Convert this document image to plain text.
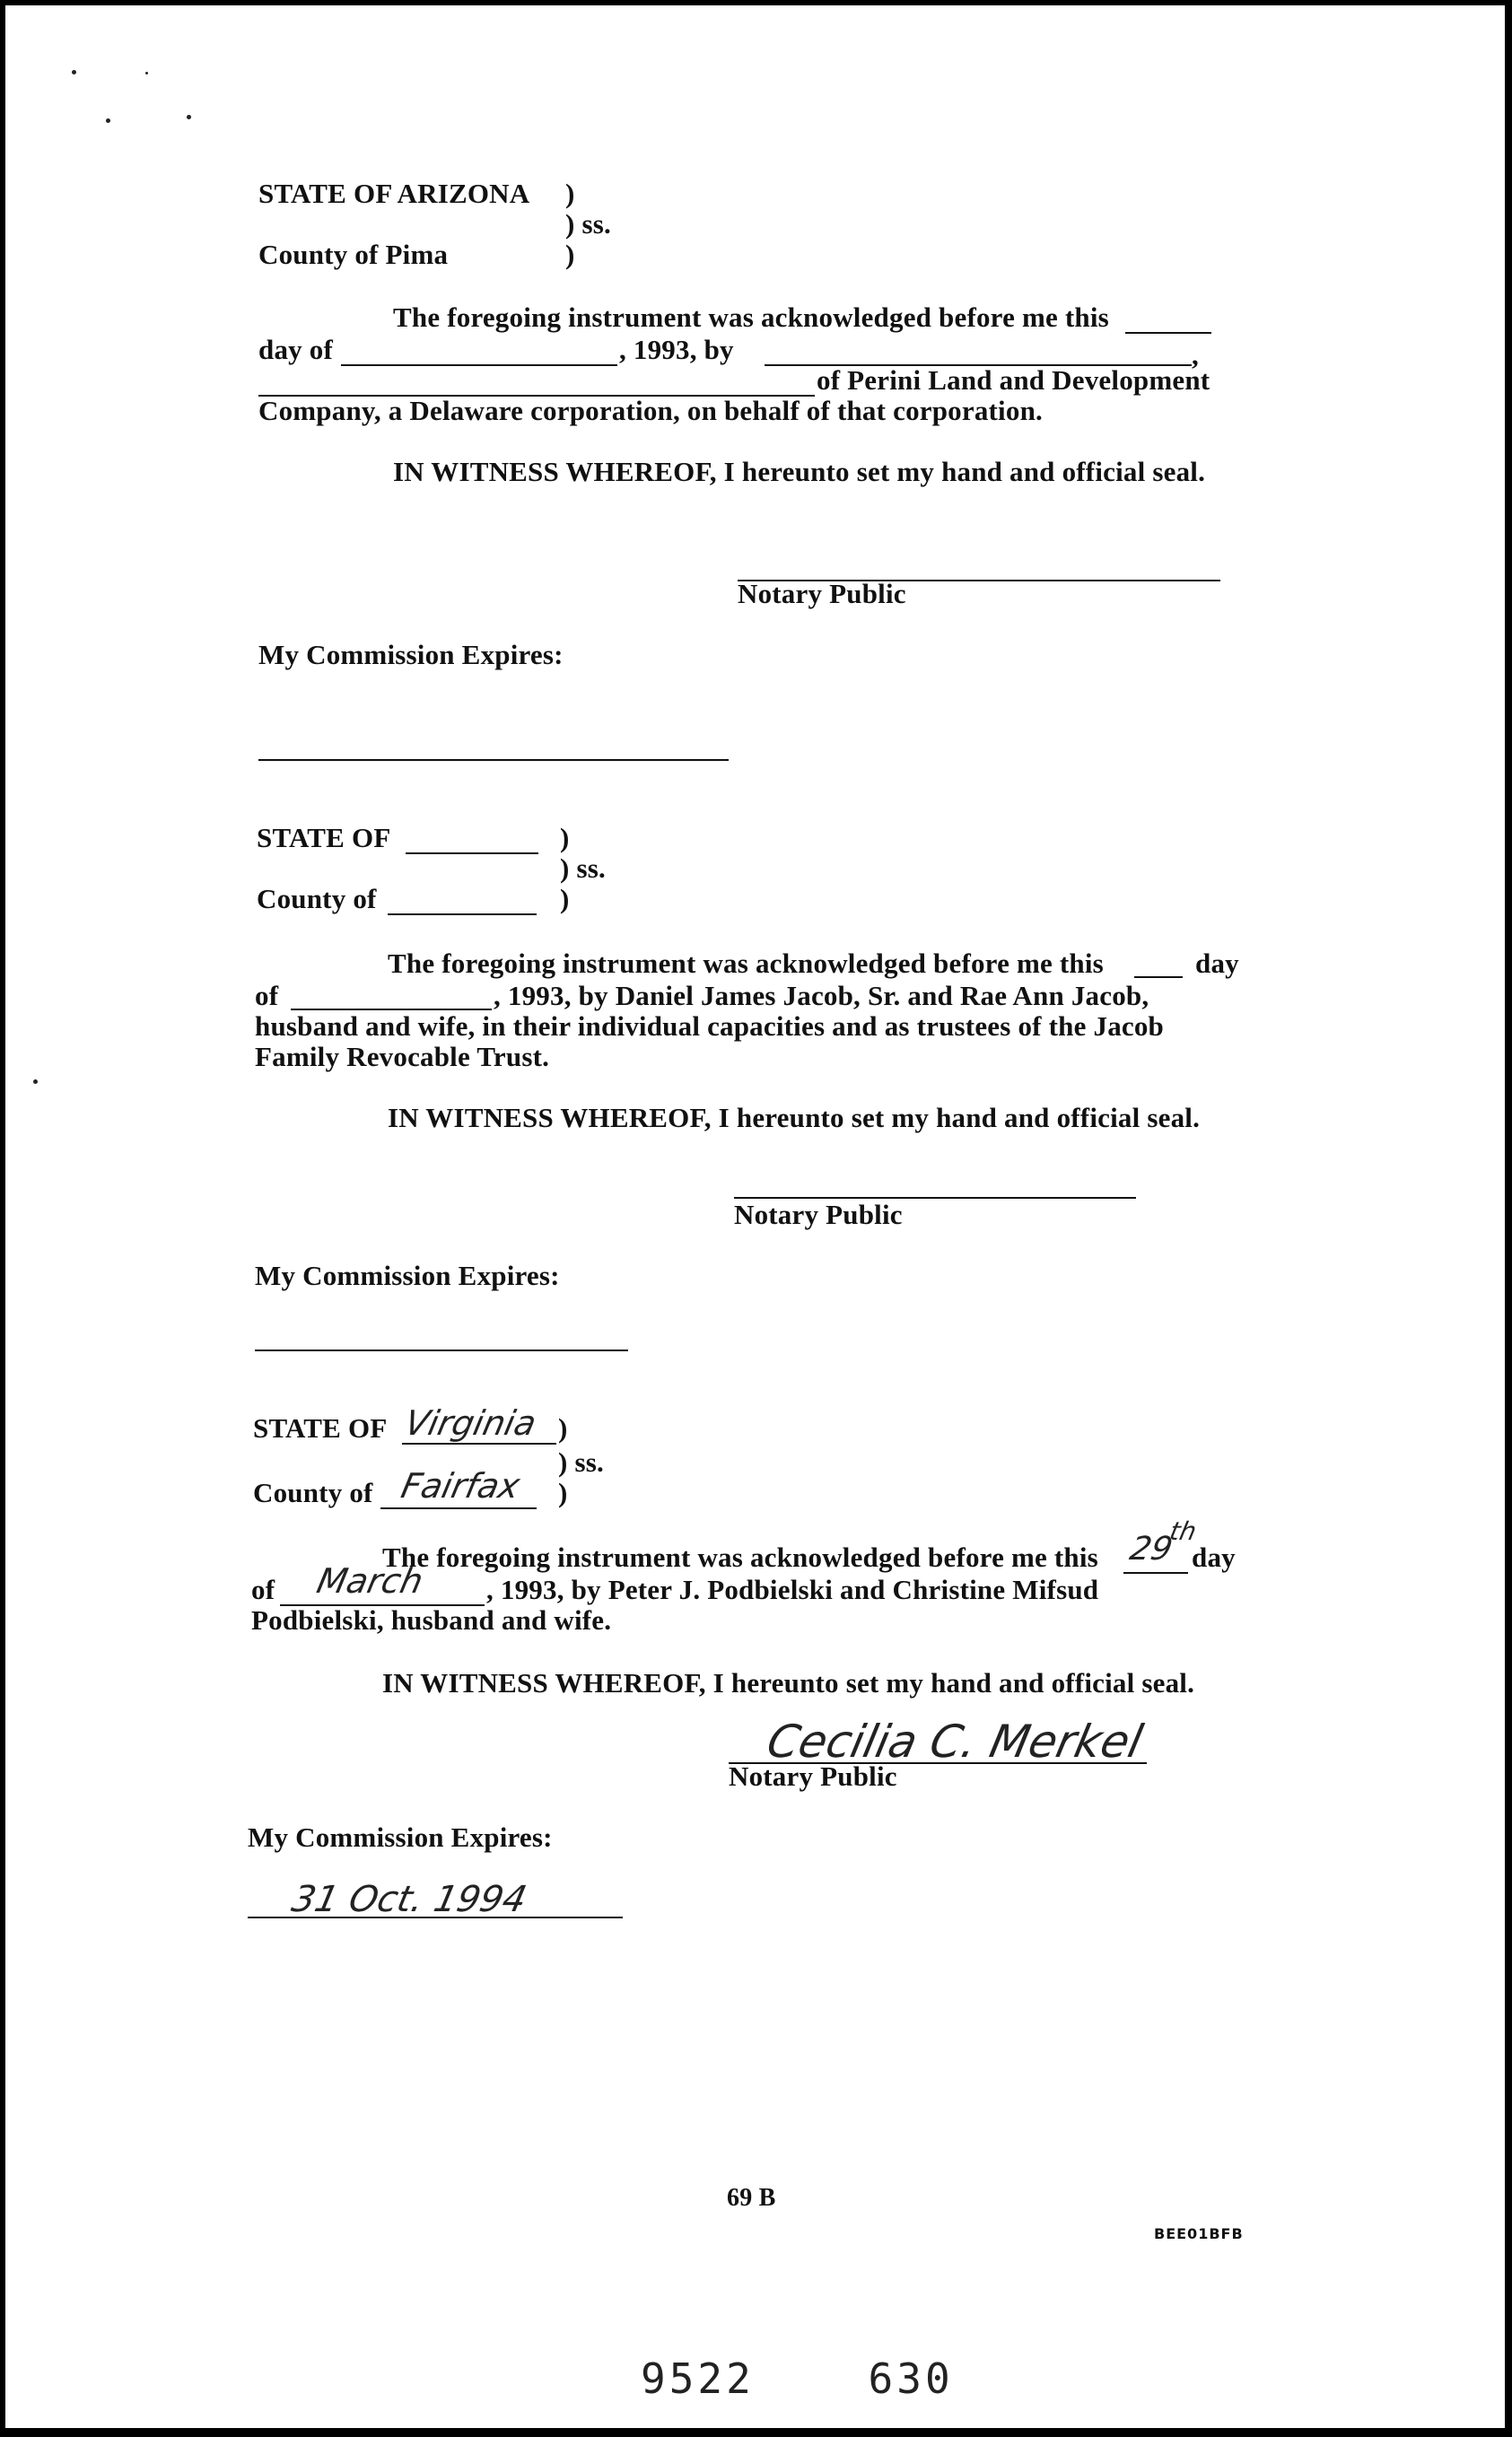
STATE OF ARIZONA )
) ss.
County of Pima	)
The foregoing instrument was acknowledged before me this
day of	, 1993, by	,
of Perini Land and Development
Company, a Delaware corporation, on behalf of that corporation.
IN WITNESS WHEREOF, I hereunto set my hand and official seal.
Notary Public
My Commission Expires:
STATE OF	)
) ss.
County of	)
The foregoing instrument was acknowledged before me this	day
of	, 1993, by Daniel James Jacob, Sr. and Rae Ann Jacob,
husband and wife, in their individual capacities and as trustees of the Jacob
Family Revocable Trust.
IN WITNESS WHEREOF, I hereunto set my hand and official seal.
Notary Public
My Commission Expires:
STATE OF Virginia )
) ss.
County of Fairfax )
The foregoing instrument was acknowledged before me this 29
th
day
of March , 1993, by Peter J. Podbielski and Christine Mifsud
Podbielski, husband and wife.
IN WITNESS WHEREOF, I hereunto set my hand and official seal.
Cecilia C. Merkel
Notary Public
My Commission Expires:
31 Oct. 1994
69 B
BEE01BFB
9522    630
